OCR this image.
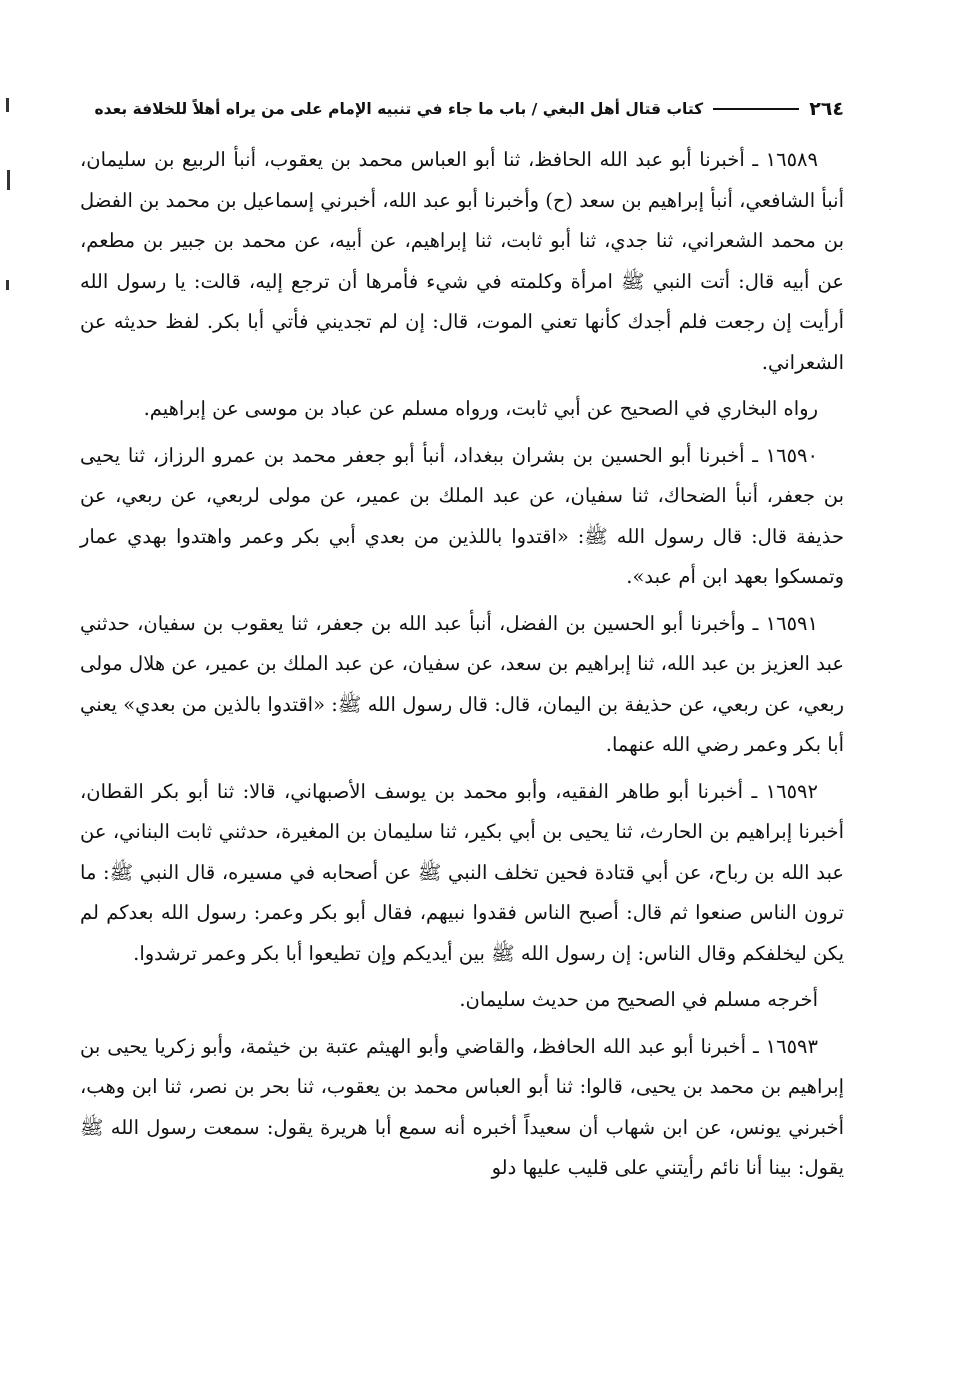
٢٦٤
كتاب قتال أهل البغي / باب ما جاء في تنبيه الإمام على من يراه أهلاً للخلافة بعده

١٦٥٨٩ ـ أخبرنا أبو عبد الله الحافظ، ثنا أبو العباس محمد بن يعقوب، أنبأ الربيع بن سليمان، أنبأ الشافعي، أنبأ إبراهيم بن سعد (ح) وأخبرنا أبو عبد الله، أخبرني إسماعيل بن محمد بن الفضل بن محمد الشعراني، ثنا جدي، ثنا أبو ثابت، ثنا إبراهيم، عن أبيه، عن محمد بن جبير بن مطعم، عن أبيه قال: أتت النبي ﷺ امرأة وكلمته في شيء فأمرها أن ترجع إليه، قالت: يا رسول الله أرأيت إن رجعت فلم أجدك كأنها تعني الموت، قال: إن لم تجديني فأتي أبا بكر. لفظ حديثه عن الشعراني.

رواه البخاري في الصحيح عن أبي ثابت، ورواه مسلم عن عباد بن موسى عن إبراهيم.

١٦٥٩٠ ـ أخبرنا أبو الحسين بن بشران ببغداد، أنبأ أبو جعفر محمد بن عمرو الرزاز، ثنا يحيى بن جعفر، أنبأ الضحاك، ثنا سفيان، عن عبد الملك بن عمير، عن مولى لربعي، عن ربعي، عن حذيفة قال: قال رسول الله ﷺ: «اقتدوا باللذين من بعدي أبي بكر وعمر واهتدوا بهدي عمار وتمسكوا بعهد ابن أم عبد».

١٦٥٩١ ـ وأخبرنا أبو الحسين بن الفضل، أنبأ عبد الله بن جعفر، ثنا يعقوب بن سفيان، حدثني عبد العزيز بن عبد الله، ثنا إبراهيم بن سعد، عن سفيان، عن عبد الملك بن عمير، عن هلال مولى ربعي، عن ربعي، عن حذيفة بن اليمان، قال: قال رسول الله ﷺ: «اقتدوا بالذين من بعدي» يعني أبا بكر وعمر رضي الله عنهما.

١٦٥٩٢ ـ أخبرنا أبو طاهر الفقيه، وأبو محمد بن يوسف الأصبهاني، قالا: ثنا أبو بكر القطان، أخبرنا إبراهيم بن الحارث، ثنا يحيى بن أبي بكير، ثنا سليمان بن المغيرة، حدثني ثابت البناني، عن عبد الله بن رباح، عن أبي قتادة فحين تخلف النبي ﷺ عن أصحابه في مسيره، قال النبي ﷺ: ما ترون الناس صنعوا ثم قال: أصبح الناس فقدوا نبيهم، فقال أبو بكر وعمر: رسول الله بعدكم لم يكن ليخلفكم وقال الناس: إن رسول الله ﷺ بين أيديكم وإن تطيعوا أبا بكر وعمر ترشدوا.

أخرجه مسلم في الصحيح من حديث سليمان.

١٦٥٩٣ ـ أخبرنا أبو عبد الله الحافظ، والقاضي وأبو الهيثم عتبة بن خيثمة، وأبو زكريا يحيى بن إبراهيم بن محمد بن يحيى، قالوا: ثنا أبو العباس محمد بن يعقوب، ثنا بحر بن نصر، ثنا ابن وهب، أخبرني يونس، عن ابن شهاب أن سعيداً أخبره أنه سمع أبا هريرة يقول: سمعت رسول الله ﷺ يقول: بينا أنا نائم رأيتني على قليب عليها دلو
